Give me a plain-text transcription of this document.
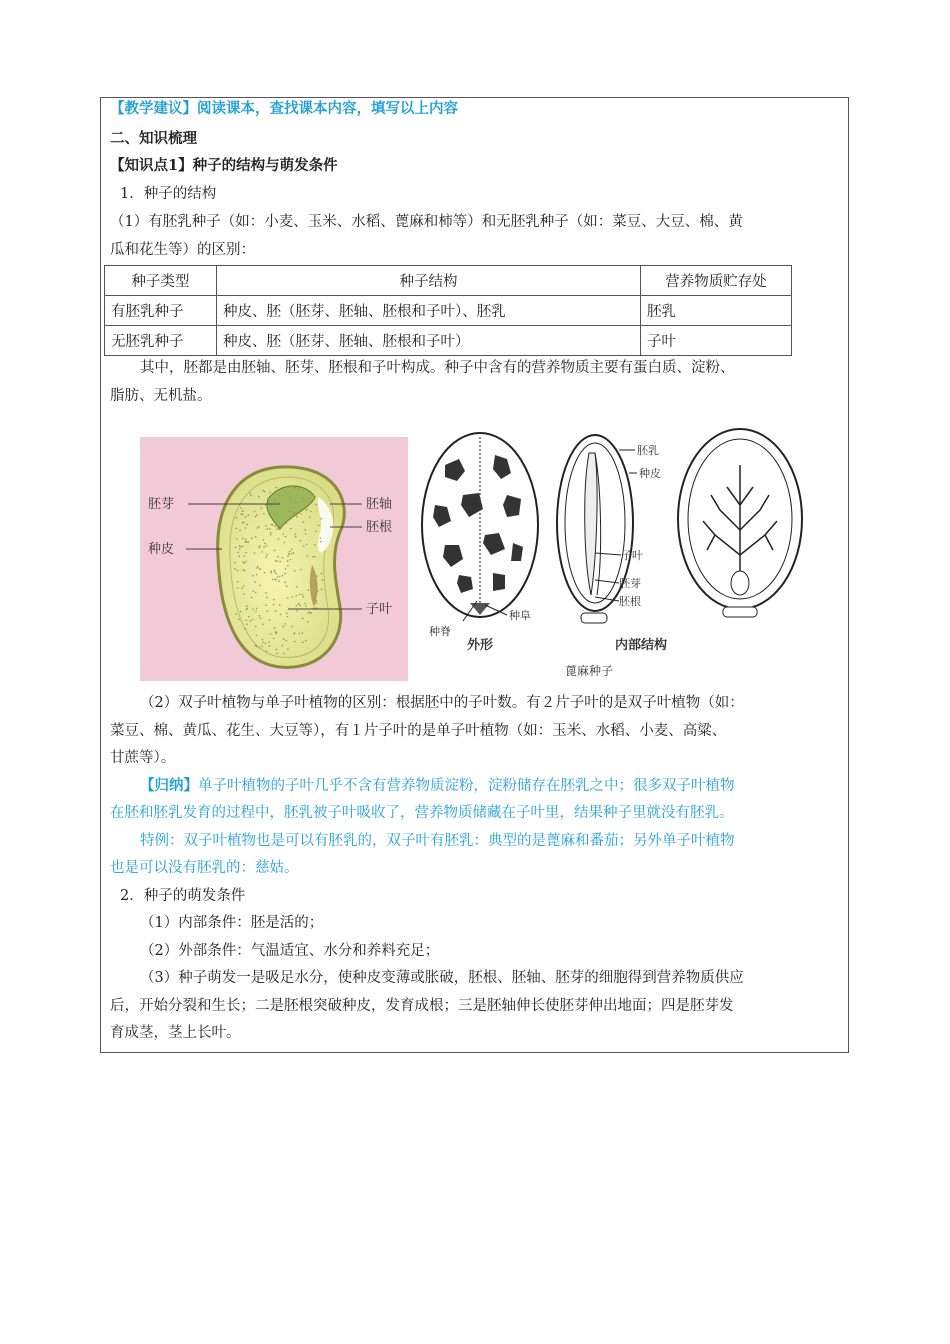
【教学建议】阅读课本，查找课本内容，填写以上内容
二、知识梳理
【知识点1】种子的结构与萌发条件
1．种子的结构
（1）有胚乳种子（如：小麦、玉米、水稻、蓖麻和柿等）和无胚乳种子（如：菜豆、大豆、棉、黄
瓜和花生等）的区别：
种子类型	种子结构	营养物质贮存处
有胚乳种子	种皮、胚（胚芽、胚轴、胚根和子叶）、胚乳	胚乳
无胚乳种子	种皮、胚（胚芽、胚轴、胚根和子叶）	子叶
其中，胚都是由胚轴、胚芽、胚根和子叶构成。种子中含有的营养物质主要有蛋白质、淀粉、
脂肪、无机盐。
胚芽
种皮
胚轴
胚根
子叶
种脊
种阜
外形
胚乳
种皮
子叶
胚芽
胚根
内部结构
蓖麻种子
（2）双子叶植物与单子叶植物的区别：根据胚中的子叶数。有２片子叶的是双子叶植物（如：
菜豆、棉、黄瓜、花生、大豆等），有１片子叶的是单子叶植物（如：玉米、水稻、小麦、高粱、
甘蔗等）。
【归纳】单子叶植物的子叶几乎不含有营养物质淀粉，淀粉储存在胚乳之中；很多双子叶植物
在胚和胚乳发育的过程中，胚乳被子叶吸收了，营养物质储藏在子叶里，结果种子里就没有胚乳。
特例：双子叶植物也是可以有胚乳的，双子叶有胚乳：典型的是蓖麻和番茄；另外单子叶植物
也是可以没有胚乳的：慈姑。
2．种子的萌发条件
（1）内部条件：胚是活的；
（2）外部条件：气温适宜、水分和养料充足；
（3）种子萌发一是吸足水分，使种皮变薄或胀破，胚根、胚轴、胚芽的细胞得到营养物质供应
后，开始分裂和生长；二是胚根突破种皮，发育成根；三是胚轴伸长使胚芽伸出地面；四是胚芽发
育成茎，茎上长叶。
